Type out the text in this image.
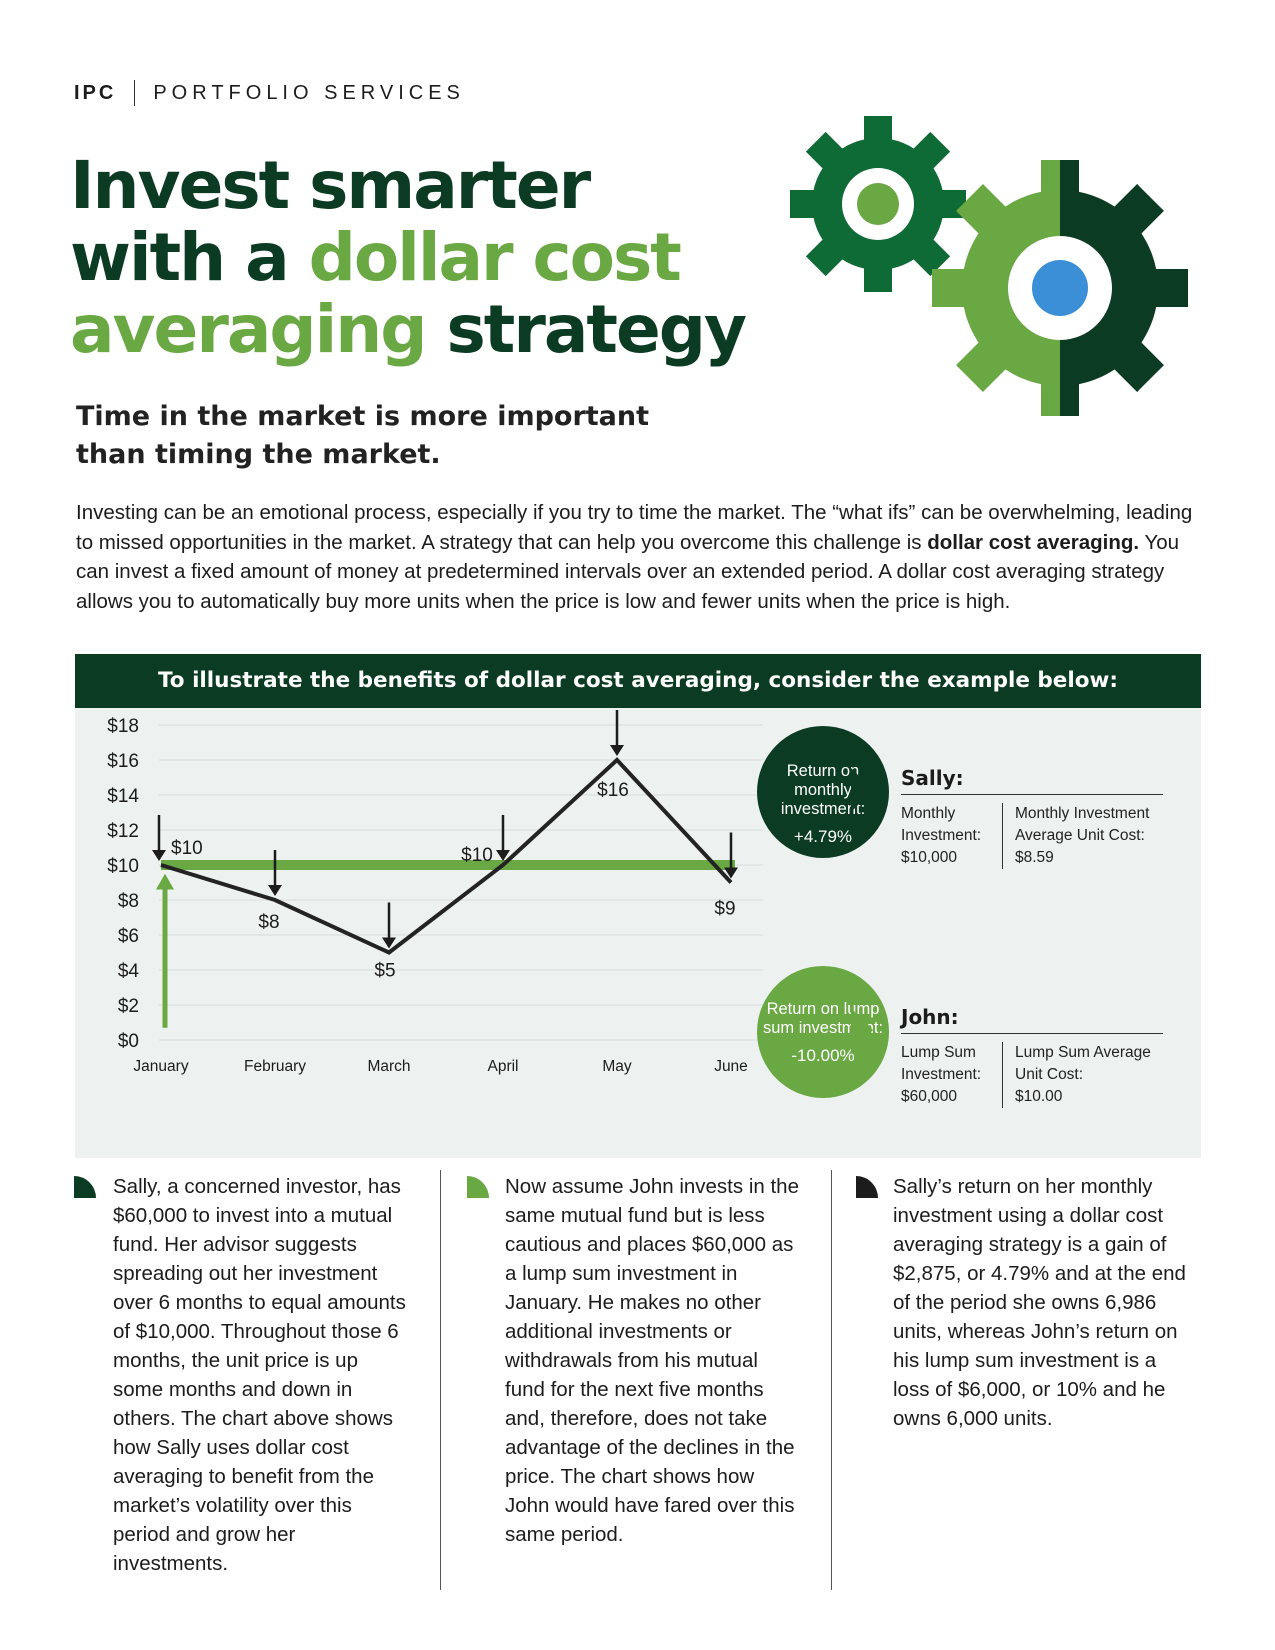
IPC PORTFOLIO SERVICES
Invest smarter
with a dollar cost
averaging strategy
Time in the market is more important
than timing the market.

Investing can be an emotional process, especially if you try to time the market. The “what ifs” can be overwhelming, leading to missed opportunities in the market. A strategy that can help you overcome this challenge is dollar cost averaging. You can invest a fixed amount of money at predetermined intervals over an extended period. A dollar cost averaging strategy allows you to automatically buy more units when the price is low and fewer units when the price is high.

To illustrate the benefits of dollar cost averaging, consider the example below:
$0
$2
$4
$6
$8
$10
$12
$14
$16
$18
January	February	March	April	May	June
$10
$8
$5
$10
$16
$9
Return on monthly investment:
+4.79%
Return on lump sum investment:
-10.00%
Sally:
Monthly
Investment:
$10,000
Monthly Investment
Average Unit Cost:
$8.59
John:
Lump Sum
Investment:
$60,000
Lump Sum Average
Unit Cost:
$10.00
Sally, a concerned investor, has $60,000 to invest into a mutual fund. Her advisor suggests spreading out her investment over 6 months to equal amounts of $10,000. Throughout those 6 months, the unit price is up some months and down in others. The chart above shows how Sally uses dollar cost averaging to benefit from the market’s volatility over this period and grow her investments.
Now assume John invests in the same mutual fund but is less cautious and places $60,000 as a lump sum investment in January. He makes no other additional investments or withdrawals from his mutual fund for the next five months and, therefore, does not take advantage of the declines in the price. The chart shows how John would have fared over this same period.
Sally’s return on her monthly investment using a dollar cost averaging strategy is a gain of $2,875, or 4.79% and at the end of the period she owns 6,986 units, whereas John’s return on his lump sum investment is a loss of $6,000, or 10% and he owns 6,000 units.
